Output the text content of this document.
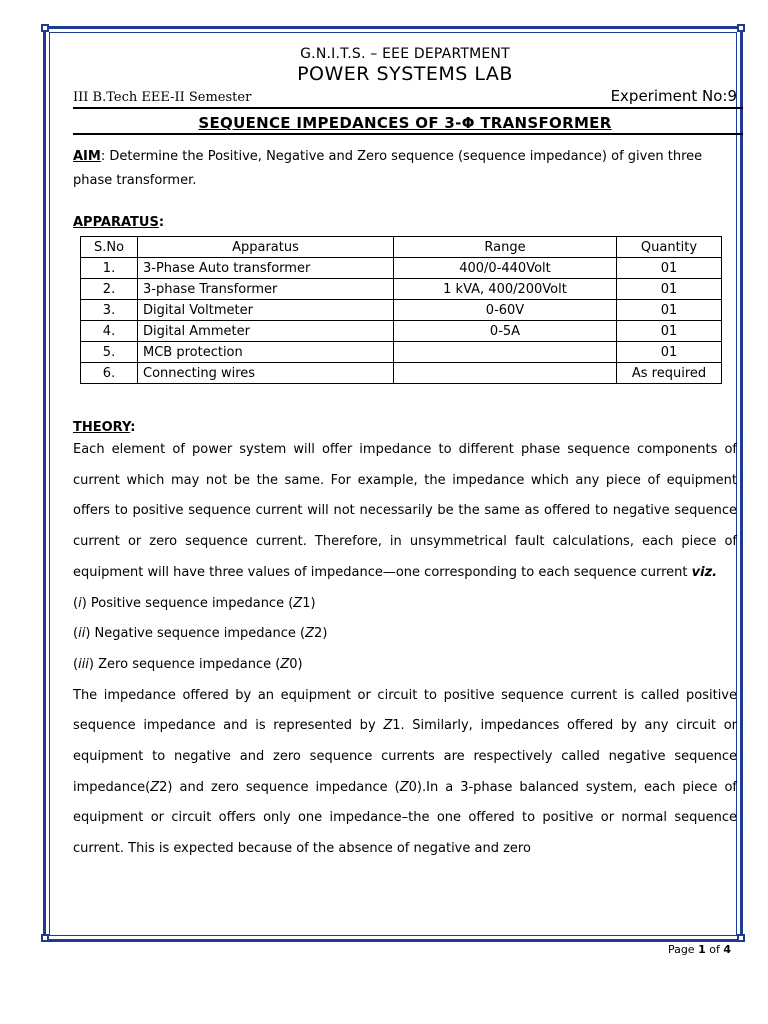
G.N.I.T.S. – EEE DEPARTMENT
POWER SYSTEMS LAB
III B.Tech EEE-II Semester	Experiment No:9
SEQUENCE IMPEDANCES OF 3-Φ TRANSFORMER
AIM: Determine the Positive, Negative and Zero sequence (sequence impedance) of given three phase transformer.
APPARATUS:
S.No	Apparatus	Range	Quantity
1.	3-Phase Auto transformer	400/0-440Volt	01
2.	3-phase Transformer	1 kVA, 400/200Volt	01
3.	Digital Voltmeter	0-60V	01
4.	Digital Ammeter	0-5A	01
5.	MCB protection		01
6.	Connecting wires		As required
THEORY:
Each element of power system will offer impedance to different phase sequence components of current which may not be the same. For example, the impedance which any piece of equipment offers to positive sequence current will not necessarily be the same as offered to negative sequence current or zero sequence current. Therefore, in unsymmetrical fault calculations, each piece of equipment will have three values of impedance—one corresponding to each sequence current viz.
(i) Positive sequence impedance (Z1)
(ii) Negative sequence impedance (Z2)
(iii) Zero sequence impedance (Z0)
The impedance offered by an equipment or circuit to positive sequence current is called positive sequence impedance and is represented by Z1. Similarly, impedances offered by any circuit or equipment to negative and zero sequence currents are respectively called negative sequence impedance(Z2) and zero sequence impedance (Z0).In a 3-phase balanced system, each piece of equipment or circuit offers only one impedance–the one offered to positive or normal sequence current. This is expected because of the absence of negative and zero
Page 1 of 4
